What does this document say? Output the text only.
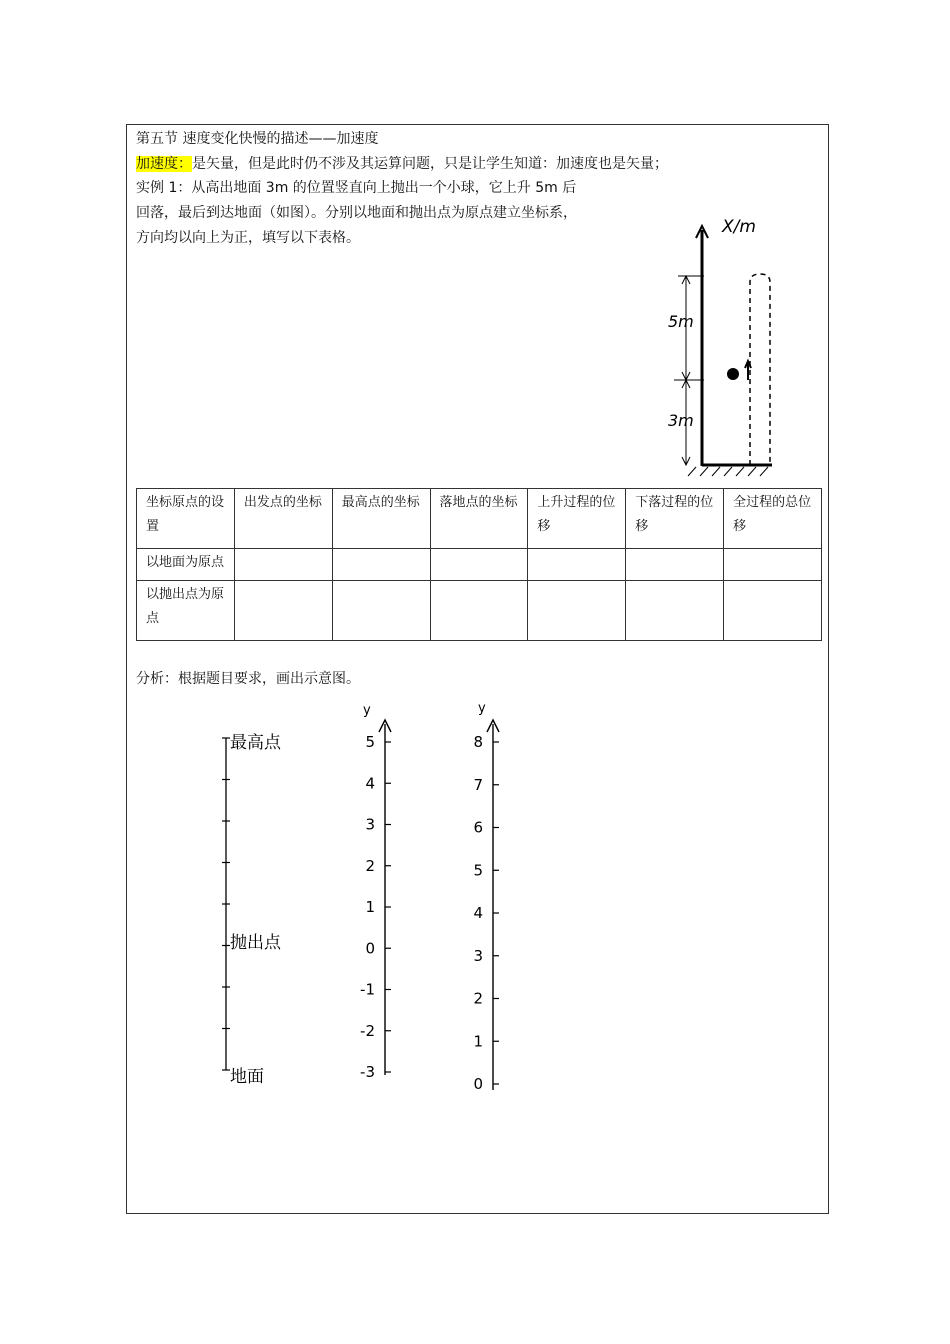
第五节 速度变化快慢的描述——加速度
加速度：是矢量，但是此时仍不涉及其运算问题，只是让学生知道：加速度也是矢量；
实例 1：从高出地面 3m 的位置竖直向上抛出一个小球，它上升 5m 后
回落，最后到达地面（如图）。分别以地面和抛出点为原点建立坐标系，
方向均以向上为正，填写以下表格。
X/m
5m
3m
坐标原点的设置	出发点的坐标	最高点的坐标	落地点的坐标	上升过程的位移	下落过程的位移	全过程的总位移
以地面为原点						
以抛出点为原点						
分析：根据题目要求，画出示意图。
最高点
抛出点
地面
y	y
5
4
3
2
1
0
-1
-2
-3
8
7
6
5
4
3
2
1
0
